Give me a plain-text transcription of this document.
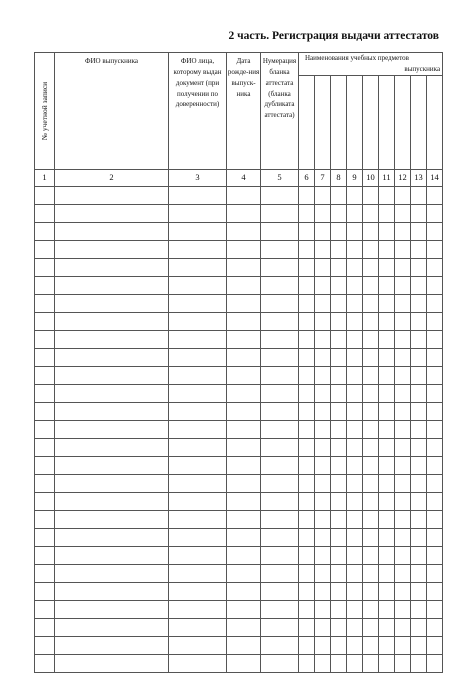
2 часть. Регистрация выдачи аттестатов
№ учетной записи	ФИО выпускника	ФИО лица, которому выдан документ (при получении по доверенности)	Дата рожде-ния выпуск-ника	Нумерация бланка аттестата (бланка дубликата аттестата)	Наименования учебных предметов
выпускника								

1	2	3	4	5	6	7	8	9	10	11	12	13	14
